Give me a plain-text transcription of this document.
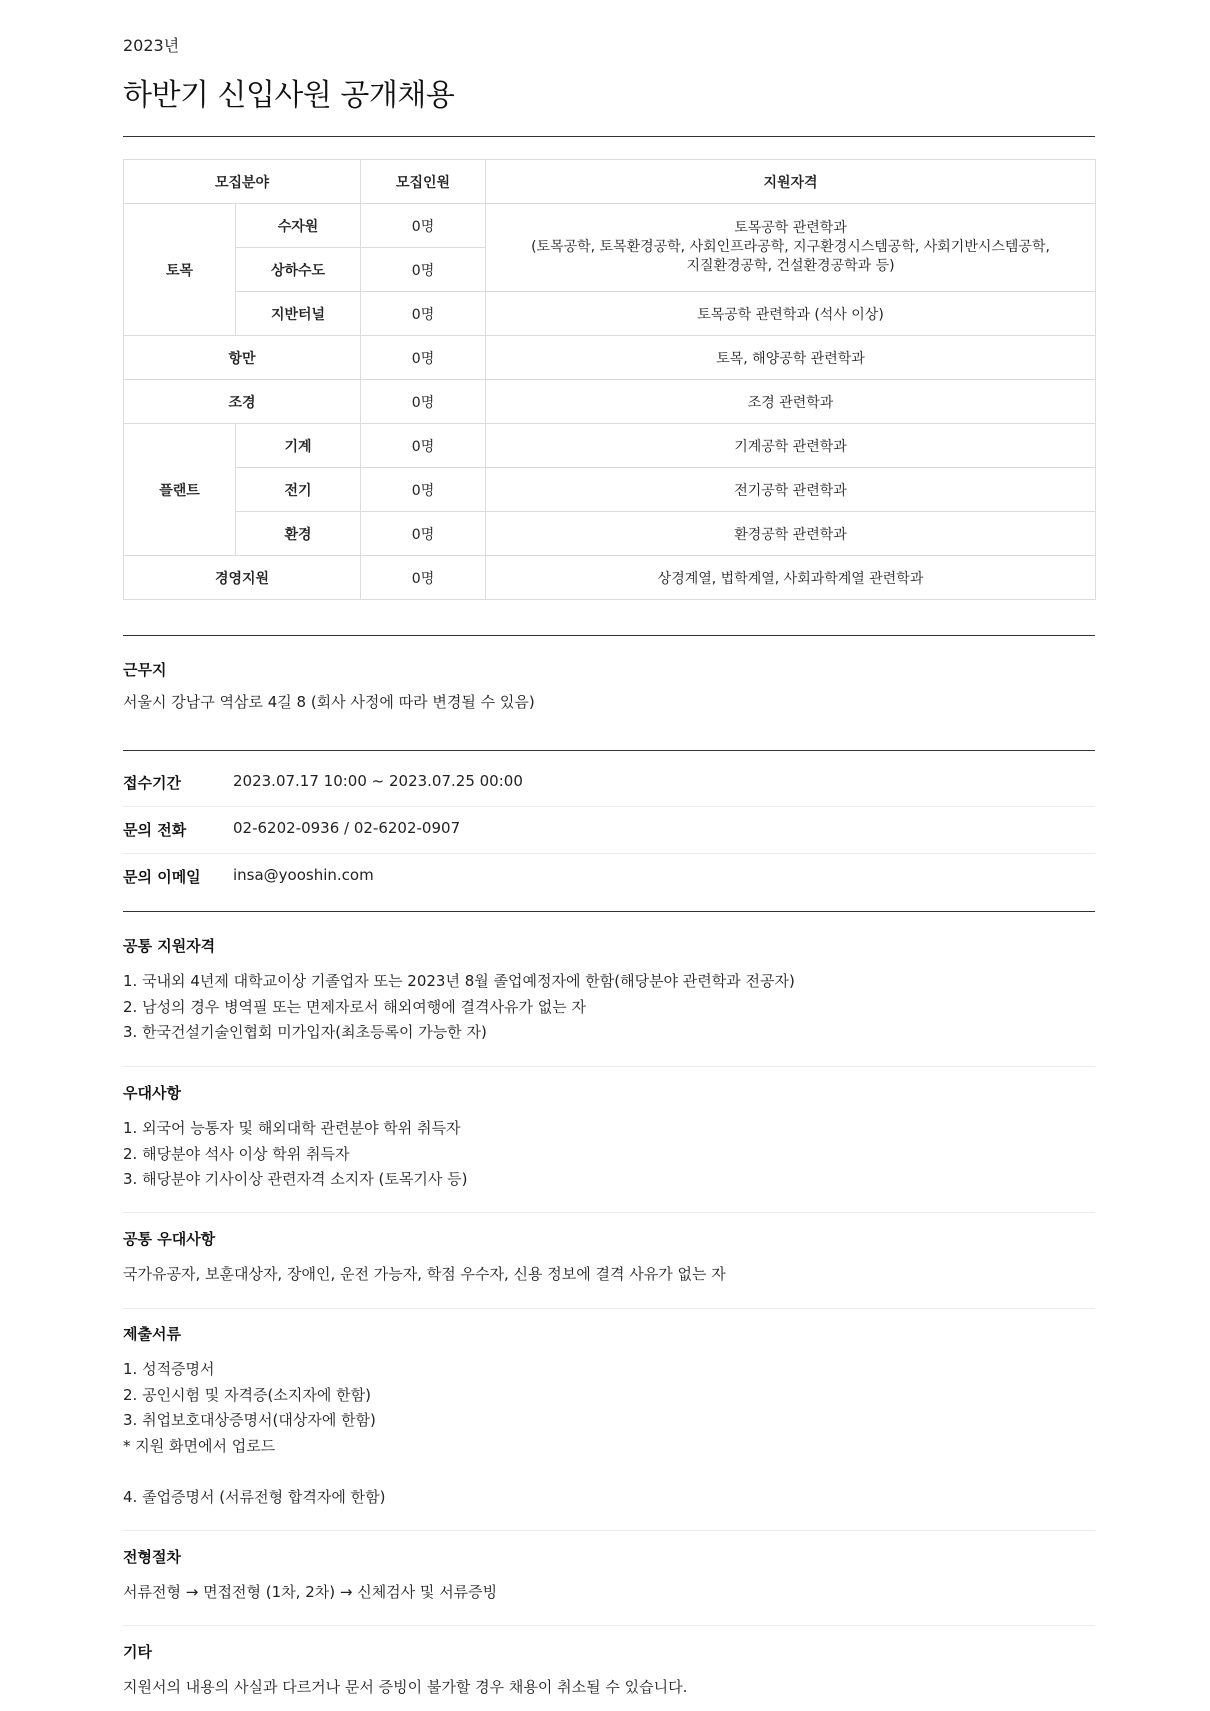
2023년
하반기 신입사원 공개채용
모집분야		모집인원	지원자격
토목	수자원	0명	토목공학 관련학과
(토목공학, 토목환경공학, 사회인프라공학, 지구환경시스템공학, 사회기반시스템공학,
지질환경공학, 건설환경공학과 등)

	상하수도	0명	
	지반터널	0명	토목공학 관련학과 (석사 이상)
항만		0명	토목, 해양공학 관련학과
조경		0명	조경 관련학과
플랜트	기계	0명	기계공학 관련학과
	전기	0명	전기공학 관련학과
	환경	0명	환경공학 관련학과
경영지원		0명	상경계열, 법학계열, 사회과학계열 관련학과
근무지
서울시 강남구 역삼로 4길 8 (회사 사정에 따라 변경될 수 있음)
접수기간	2023.07.17 10:00 ~ 2023.07.25 00:00
문의 전화	02-6202-0936 / 02-6202-0907
문의 이메일 insa@yooshin.com
공통 지원자격
1. 국내외 4년제 대학교이상 기졸업자 또는 2023년 8월 졸업예정자에 한함(해당분야 관련학과 전공자)
2. 남성의 경우 병역필 또는 면제자로서 해외여행에 결격사유가 없는 자
3. 한국건설기술인협회 미가입자(최초등록이 가능한 자)
우대사항
1. 외국어 능통자 및 해외대학 관련분야 학위 취득자
2. 해당분야 석사 이상 학위 취득자
3. 해당분야 기사이상 관련자격 소지자 (토목기사 등)
공통 우대사항
국가유공자, 보훈대상자, 장애인, 운전 가능자, 학점 우수자, 신용 정보에 결격 사유가 없는 자
제출서류
1. 성적증명서
2. 공인시험 및 자격증(소지자에 한함)
3. 취업보호대상증명서(대상자에 한함)
* 지원 화면에서 업로드
4. 졸업증명서 (서류전형 합격자에 한함)
전형절차
서류전형 → 면접전형 (1차, 2차) → 신체검사 및 서류증빙
기타
지원서의 내용의 사실과 다르거나 문서 증빙이 불가할 경우 채용이 취소될 수 있습니다.
